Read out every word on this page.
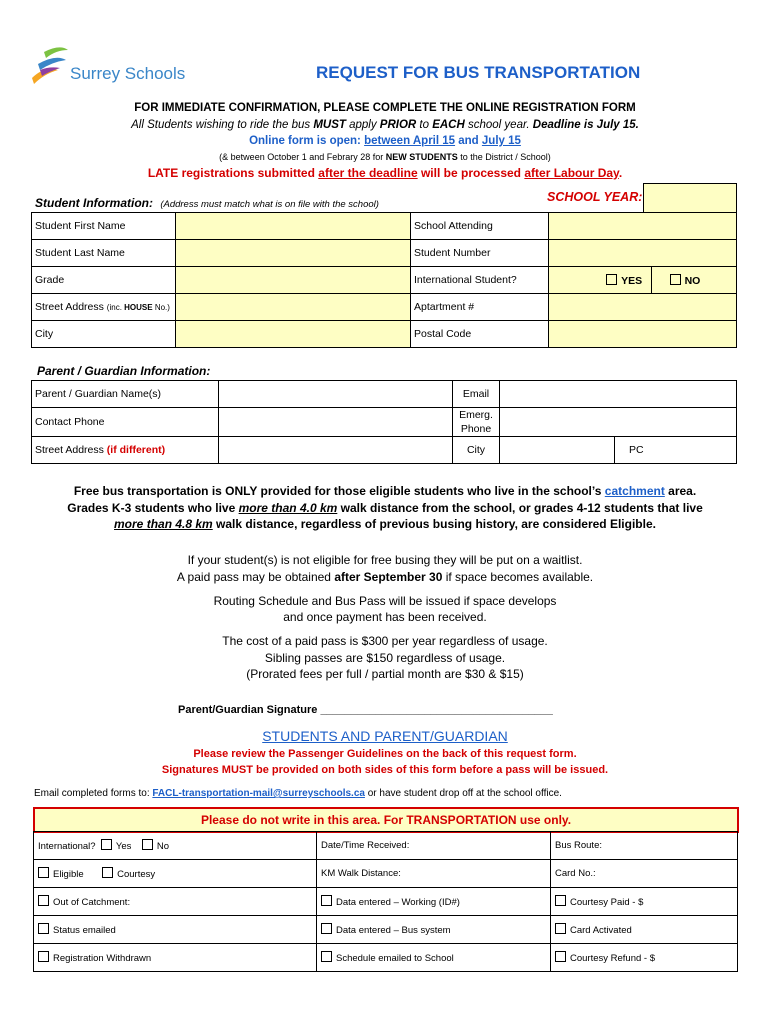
Surrey Schools	REQUEST FOR BUS TRANSPORTATION
FOR IMMEDIATE CONFIRMATION, PLEASE COMPLETE THE ONLINE REGISTRATION FORM
All Students wishing to ride the bus MUST apply PRIOR to EACH school year. Deadline is July 15.
Online form is open: between April 15 and July 15
(& between October 1 and Febrary 28 for NEW STUDENTS to the District / School)
LATE registrations submitted after the deadline will be processed after Labour Day.
Student Information: (Address must match what is on file with the school)
SCHOOL YEAR:
Student First Name		School Attending		
Student Last Name		Student Number		
Grade		International Student?	YES	NO
Street Address (inc. HOUSE No.)		Aptartment #		
City		Postal Code		
Parent / Guardian Information:
Parent / Guardian Name(s)		Email		
Contact Phone		Emerg.
Phone		
Street Address (if different)		City		PC
Free bus transportation is ONLY provided for those eligible students who live in the school’s catchment area.
Grades K-3 students who live more than 4.0 km walk distance from the school, or grades 4-12 students that live
more than 4.8 km walk distance, regardless of previous busing history, are considered Eligible.
If your student(s) is not eligible for free busing they will be put on a waitlist.
A paid pass may be obtained after September 30 if space becomes available.
Routing Schedule and Bus Pass will be issued if space develops
and once payment has been received.
The cost of a paid pass is $300 per year regardless of usage.
Sibling passes are $150 regardless of usage.
(Prorated fees per full / partial month are $30 & $15)
Parent/Guardian Signature ______________________________________
STUDENTS AND PARENT/GUARDIAN
Please review the Passenger Guidelines on the back of this request form.
Signatures MUST be provided on both sides of this form before a pass will be issued.
Email completed forms to: FACL-transportation-mail@surreyschools.ca or have student drop off at the school office.
Please do not write in this area. For TRANSPORTATION use only.
International? Yes No	Date/Time Received:	Bus Route:
Eligible Courtesy	KM Walk Distance:	Card No.:
Out of Catchment:	Data entered – Working (ID#)	Courtesy Paid - $
Status emailed	Data entered – Bus system	Card Activated
Registration Withdrawn	Schedule emailed to School	Courtesy Refund - $
